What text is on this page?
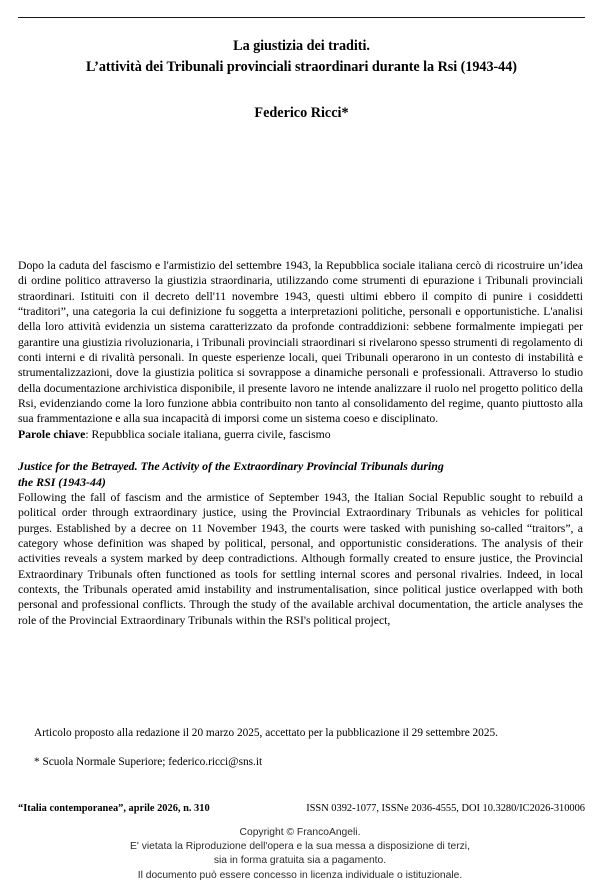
La giustizia dei traditi.
L’attività dei Tribunali provinciali straordinari durante la Rsi (1943-44)
Federico Ricci*

Dopo la caduta del fascismo e l'armistizio del settembre 1943, la Repubblica sociale italiana cercò di ricostruire un’idea di ordine politico attraverso la giustizia straordinaria, utilizzando come strumenti di epurazione i Tribunali provinciali straordinari. Istituiti con il decreto dell'11 novembre 1943, questi ultimi ebbero il compito di punire i cosiddetti “traditori”, una categoria la cui definizione fu soggetta a interpretazioni politiche, personali e opportunistiche. L'analisi della loro attività evidenzia un sistema caratterizzato da profonde contraddizioni: sebbene formalmente impiegati per garantire una giustizia rivoluzionaria, i Tribunali provinciali straordinari si rivelarono spesso strumenti di regolamento di conti interni e di rivalità personali. In queste esperienze locali, quei Tribunali operarono in un contesto di instabilità e strumentalizzazioni, dove la giustizia politica si sovrappose a dinamiche personali e professionali. Attraverso lo studio della documentazione archivistica disponibile, il presente lavoro ne intende analizzare il ruolo nel progetto politico della Rsi, evidenziando come la loro funzione abbia contribuito non tanto al consolidamento del regime, quanto piuttosto alla sua frammentazione e alla sua incapacità di imporsi come un sistema coeso e disciplinato.

Parole chiave: Repubblica sociale italiana, guerra civile, fascismo

Justice for the Betrayed. The Activity of the Extraordinary Provincial Tribunals during
the RSI (1943-44)

Following the fall of fascism and the armistice of September 1943, the Italian Social Republic sought to rebuild a political order through extraordinary justice, using the Provincial Extraordinary Tribunals as vehicles for political purges. Established by a decree on 11 November 1943, the courts were tasked with punishing so-called “traitors”, a category whose definition was shaped by political, personal, and opportunistic considerations. The analysis of their activities reveals a system marked by deep contradictions. Although formally created to ensure justice, the Provincial Extraordinary Tribunals often functioned as tools for settling internal scores and personal rivalries. Indeed, in local contexts, the Tribunals operated amid instability and instrumentalisation, since political justice overlapped with both personal and professional conflicts. Through the study of the available archival documentation, the article analyses the role of the Provincial Extraordinary Tribunals within the RSI's political project,

Articolo proposto alla redazione il 20 marzo 2025, accettato per la pubblicazione il 29 settembre 2025.

* Scuola Normale Superiore; federico.ricci@sns.it

“Italia contemporanea”, aprile 2026, n. 310	ISSN 0392-1077, ISSNe 2036-4555, DOI 10.3280/IC2026-310006
Copyright © FrancoAngeli.
E' vietata la Riproduzione dell'opera e la sua messa a disposizione di terzi,
sia in forma gratuita sia a pagamento.
Il documento può essere concesso in licenza individuale o istituzionale.
